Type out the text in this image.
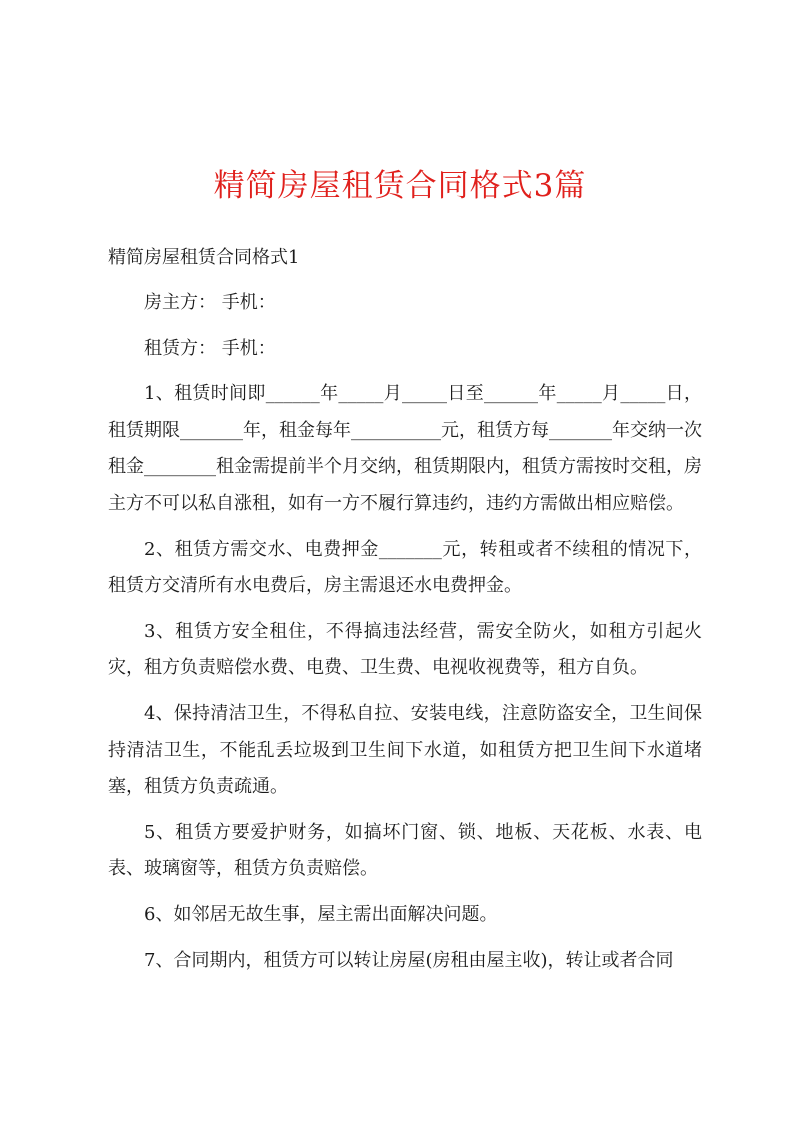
精简房屋租赁合同格式3篇

精简房屋租赁合同格式1

房主方： 手机：

租赁方： 手机：

1、租赁时间即______年_____月_____日至______年_____月_____日，租赁期限_______年，租金每年__________元，租赁方每_______年交纳一次租金________租金需提前半个月交纳，租赁期限内，租赁方需按时交租，房主方不可以私自涨租，如有一方不履行算违约，违约方需做出相应赔偿。

2、租赁方需交水、电费押金_______元，转租或者不续租的情况下，租赁方交清所有水电费后，房主需退还水电费押金。

3、租赁方安全租住，不得搞违法经营，需安全防火，如租方引起火灾，租方负责赔偿水费、电费、卫生费、电视收视费等，租方自负。

4、保持清洁卫生，不得私自拉、安装电线，注意防盗安全，卫生间保持清洁卫生，不能乱丢垃圾到卫生间下水道，如租赁方把卫生间下水道堵塞，租赁方负责疏通。

5、租赁方要爱护财务，如搞坏门窗、锁、地板、天花板、水表、电表、玻璃窗等，租赁方负责赔偿。

6、如邻居无故生事，屋主需出面解决问题。

7、合同期内，租赁方可以转让房屋(房租由屋主收)，转让或者合同
